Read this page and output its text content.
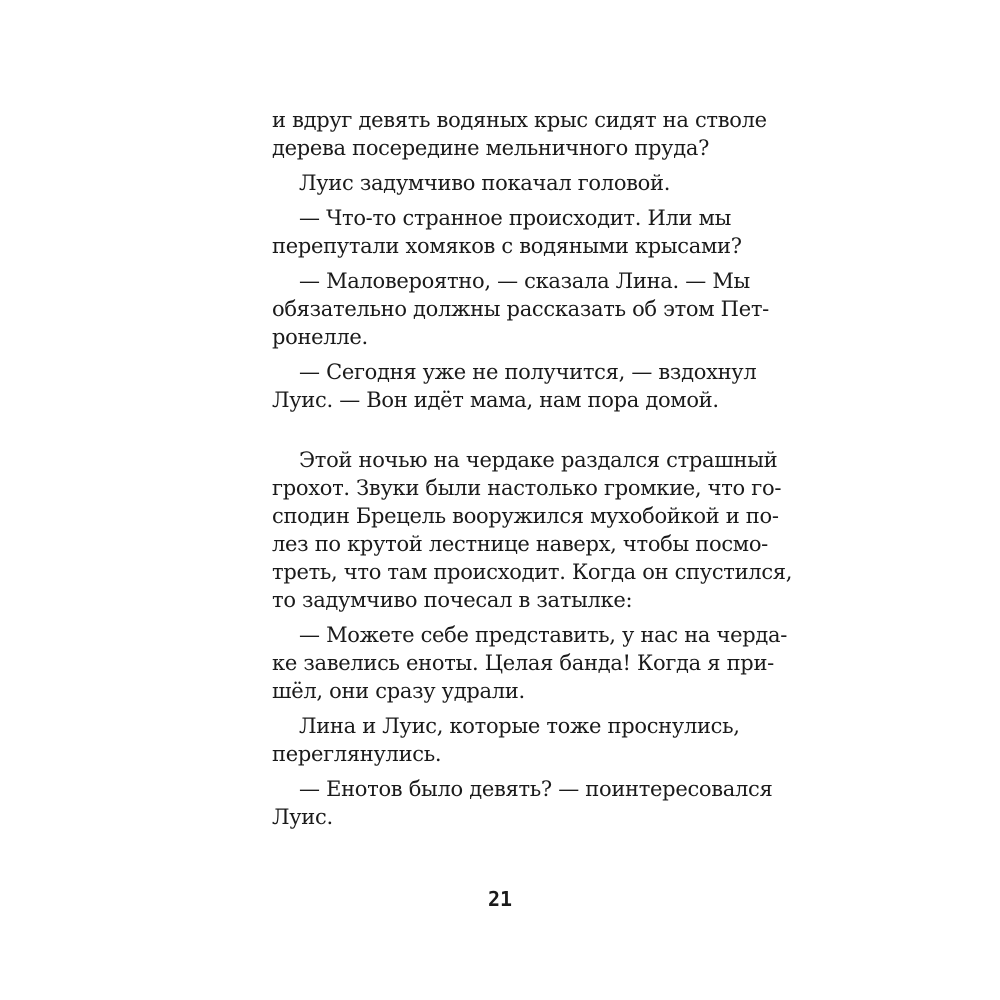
и вдруг девять водяных крыс сидят на стволе
дерева посередине мельничного пруда?
Луис задумчиво покачал головой.
— Что-то странное происходит. Или мы
перепутали хомяков с водяными крысами?
— Маловероятно, — сказала Лина. — Мы
обязательно должны рассказать об этом Пет-
ронелле.
— Сегодня уже не получится, — вздохнул
Луис. — Вон идёт мама, нам пора домой.
Этой ночью на чердаке раздался страшный
грохот. Звуки были настолько громкие, что го-
сподин Брецель вооружился мухобойкой и по-
лез по крутой лестнице наверх, чтобы посмо-
треть, что там происходит. Когда он спустился,
то задумчиво почесал в затылке:
— Можете себе представить, у нас на черда-
ке завелись еноты. Целая банда! Когда я при-
шёл, они сразу удрали.
Лина и Луис, которые тоже проснулись,
переглянулись.
— Енотов было девять? — поинтересовался
Луис.
21
